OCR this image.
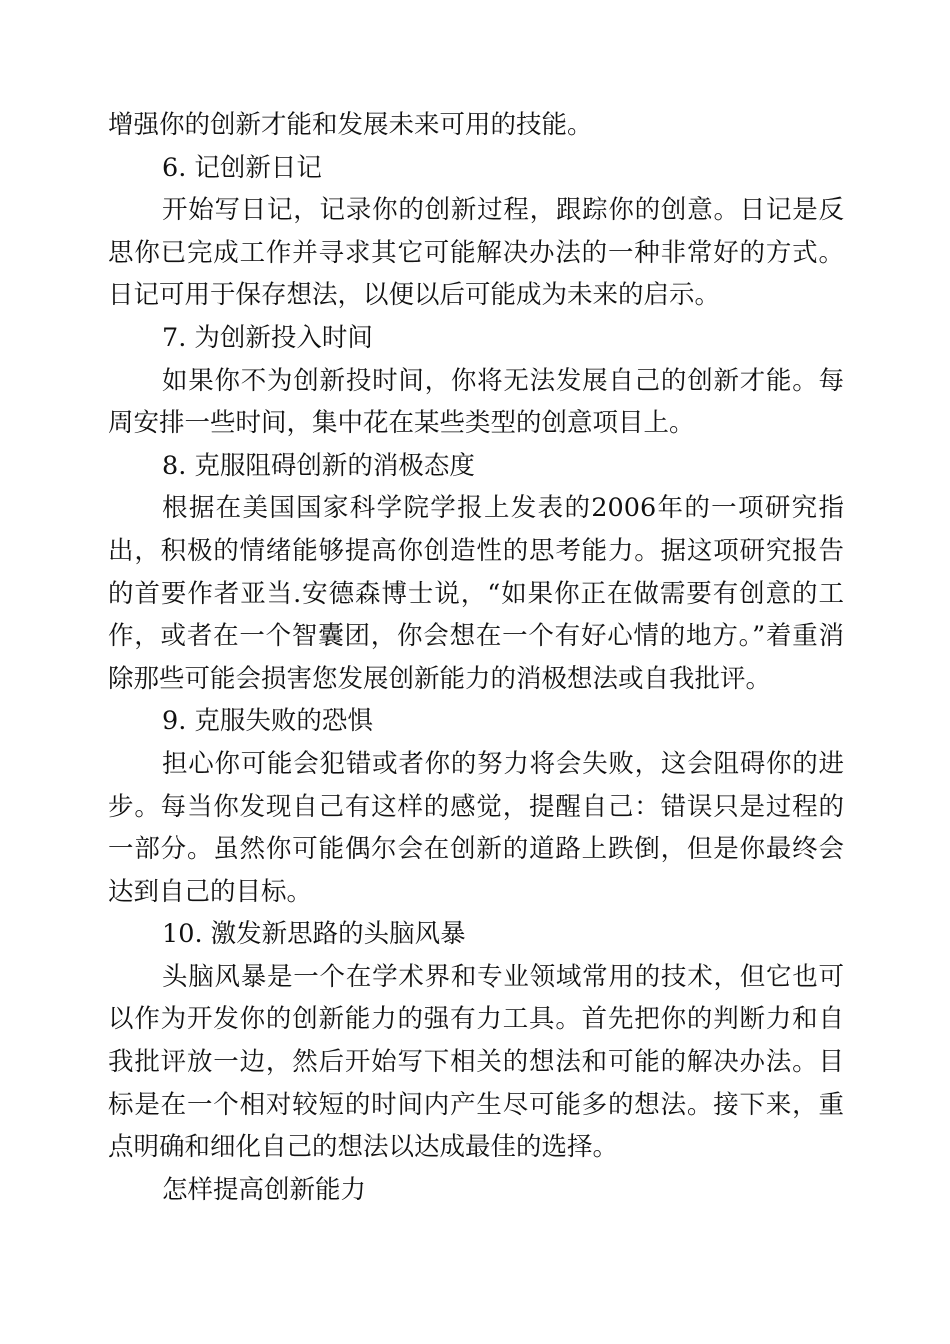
增强你的创新才能和发展未来可用的技能。

6. 记创新日记

开始写日记，记录你的创新过程，跟踪你的创意。日记是反思你已完成工作并寻求其它可能解决办法的一种非常好的方式。日记可用于保存想法，以便以后可能成为未来的启示。

7. 为创新投入时间

如果你不为创新投时间，你将无法发展自己的创新才能。每周安排一些时间，集中花在某些类型的创意项目上。

8. 克服阻碍创新的消极态度

根据在美国国家科学院学报上发表的2006年的一项研究指出，积极的情绪能够提高你创造性的思考能力。据这项研究报告的首要作者亚当.安德森博士说，“如果你正在做需要有创意的工作，或者在一个智囊团，你会想在一个有好心情的地方。”着重消除那些可能会损害您发展创新能力的消极想法或自我批评。

9. 克服失败的恐惧

担心你可能会犯错或者你的努力将会失败，这会阻碍你的进步。每当你发现自己有这样的感觉，提醒自己：错误只是过程的一部分。虽然你可能偶尔会在创新的道路上跌倒，但是你最终会达到自己的目标。

10. 激发新思路的头脑风暴

头脑风暴是一个在学术界和专业领域常用的技术，但它也可以作为开发你的创新能力的强有力工具。首先把你的判断力和自我批评放一边，然后开始写下相关的想法和可能的解决办法。目标是在一个相对较短的时间内产生尽可能多的想法。接下来，重点明确和细化自己的想法以达成最佳的选择。

怎样提高创新能力
